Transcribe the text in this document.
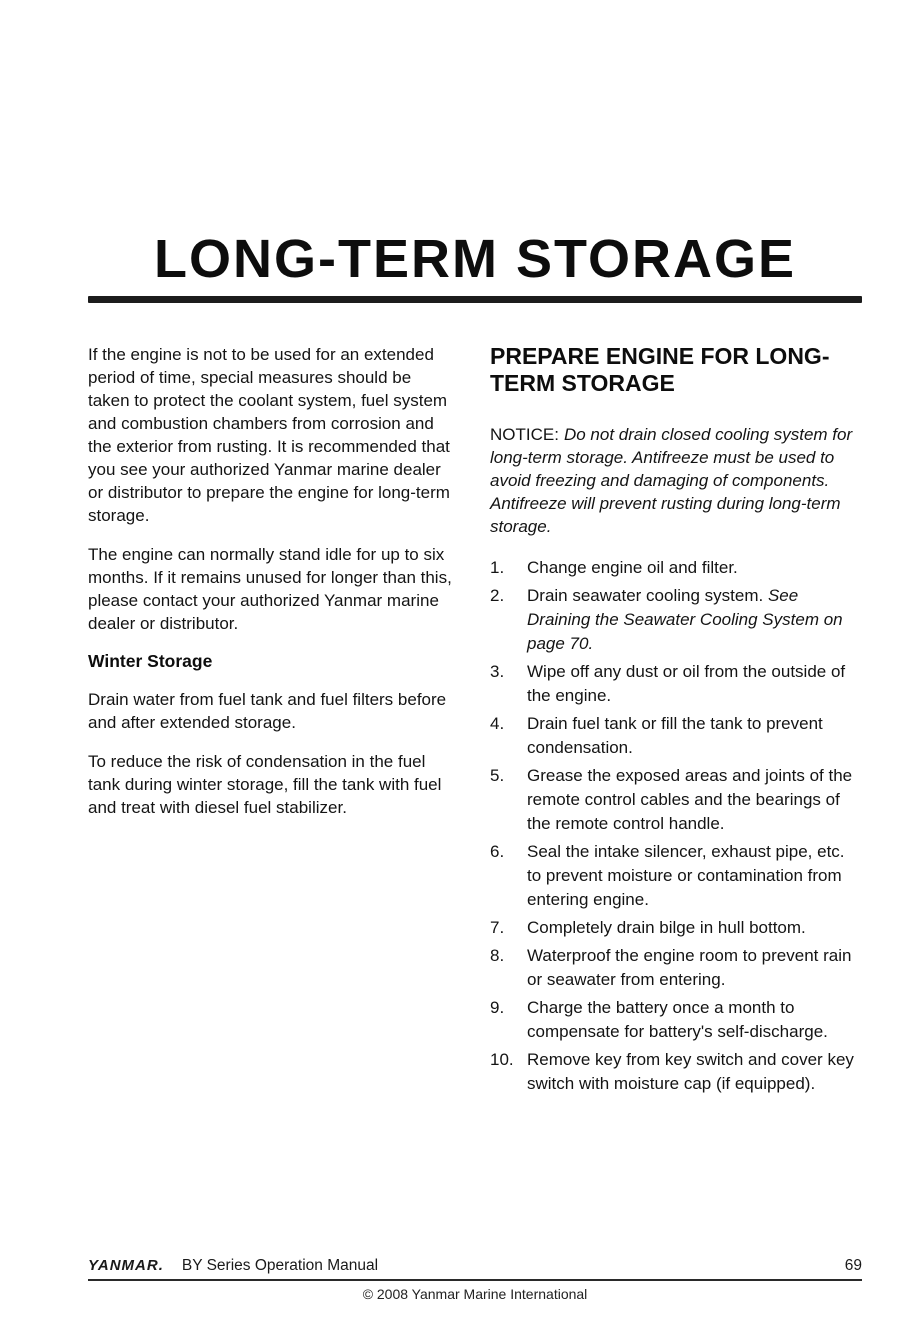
LONG-TERM STORAGE

If the engine is not to be used for an extended period of time, special measures should be taken to protect the coolant system, fuel system and combustion chambers from corrosion and the exterior from rusting. It is recommended that you see your authorized Yanmar marine dealer or distributor to prepare the engine for long-term storage.

The engine can normally stand idle for up to six months. If it remains unused for longer than this, please contact your authorized Yanmar marine dealer or distributor.

Winter Storage

Drain water from fuel tank and fuel filters before and after extended storage.

To reduce the risk of condensation in the fuel tank during winter storage, fill the tank with fuel and treat with diesel fuel stabilizer.

PREPARE ENGINE FOR LONG-TERM STORAGE

NOTICE: Do not drain closed cooling system for long-term storage. Antifreeze must be used to avoid freezing and damaging of components. Antifreeze will prevent rusting during long-term storage.

1.	Change engine oil and filter.
2.	Drain seawater cooling system. See Draining the Seawater Cooling System on page 70.
3.	Wipe off any dust or oil from the outside of the engine.
4.	Drain fuel tank or fill the tank to prevent condensation.
5.	Grease the exposed areas and joints of the remote control cables and the bearings of the remote control handle.
6.	Seal the intake silencer, exhaust pipe, etc. to prevent moisture or contamination from entering engine.
7.	Completely drain bilge in hull bottom.
8.	Waterproof the engine room to prevent rain or seawater from entering.
9.	Charge the battery once a month to compensate for battery's self-discharge.
10. Remove key from key switch and cover key switch with moisture cap (if equipped).
YANMAR. BY Series Operation Manual	69
© 2008 Yanmar Marine International
